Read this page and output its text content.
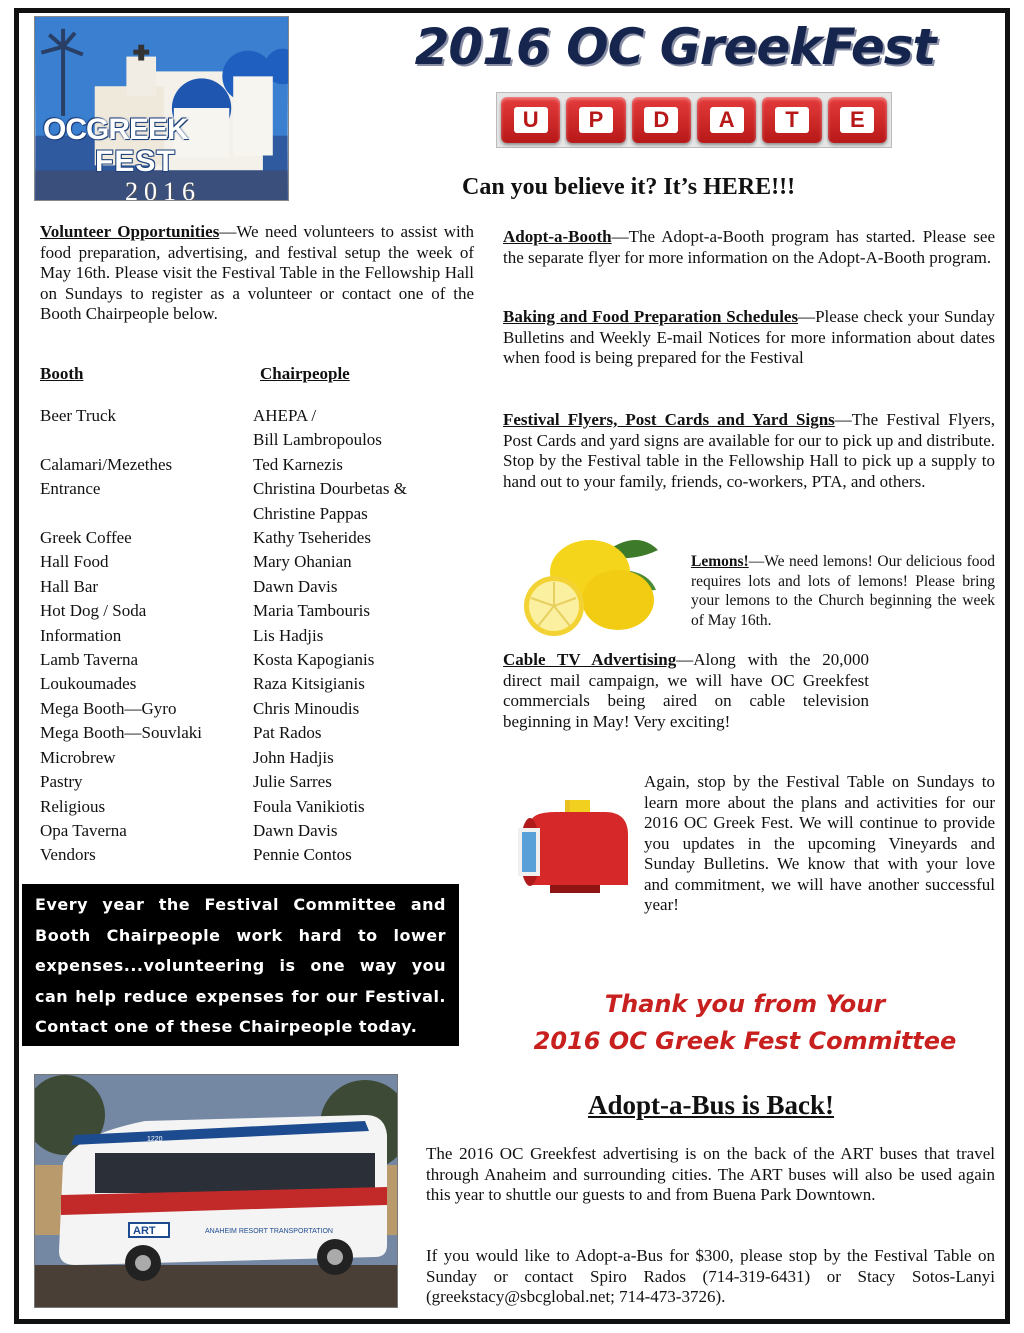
OCGREEK
FEST
2016
2016 OC GreekFest
U	P	D	A	T	E
Can you believe it? It’s HERE!!!
Volunteer Opportunities—We need volunteers to assist with food preparation, advertising, and festival setup the week of May 16th. Please visit the Festival Table in the Fellowship Hall on Sundays to register as a volunteer or contact one of the Booth Chairpeople below.
Booth	Chairpeople
Beer Truck	AHEPA /
Bill Lambropoulos
Calamari/Mezethes	Ted Karnezis
Entrance	Christina Dourbetas &
Christine Pappas
Greek Coffee	Kathy Tseherides
Hall Food	Mary Ohanian
Hall Bar	Dawn Davis
Hot Dog / Soda	Maria Tambouris
Information	Lis Hadjis
Lamb Taverna	Kosta Kapogianis
Loukoumades	Raza Kitsigianis
Mega Booth—Gyro	Chris Minoudis
Mega Booth—Souvlaki	Pat Rados
Microbrew	John Hadjis
Pastry	Julie Sarres
Religious	Foula Vanikiotis
Opa Taverna	Dawn Davis
Vendors	Pennie Contos
Every year the Festival Committee and Booth Chairpeople work hard to lower expenses...volunteering is one way you can help reduce expenses for our Festival. Contact one of these Chairpeople today.
Adopt-a-Booth—The Adopt-a-Booth program has started. Please see the separate flyer for more information on the Adopt-A-Booth program.
Baking and Food Preparation Schedules—Please check your Sunday Bulletins and Weekly E-mail Notices for more information about dates when food is being prepared for the Festival
Festival Flyers, Post Cards and Yard Signs—The Festival Flyers, Post Cards and yard signs are available for our to pick up and distribute. Stop by the Festival table in the Fellowship Hall to pick up a supply to hand out to your family, friends, co-workers, PTA, and others.
Lemons!—We need lemons! Our delicious food requires lots and lots of lemons! Please bring your lemons to the Church beginning the week of May 16th.
Cable TV Advertising—Along with the 20,000 direct mail campaign, we will have OC Greekfest commercials being aired on cable television beginning in May! Very exciting!
Again, stop by the Festival Table on Sundays to learn more about the plans and activities for our 2016 OC Greek Fest. We will continue to provide you updates in the upcoming Vineyards and Sunday Bulletins. We know that with your love and commitment, we will have another successful year!
Thank you from Your
2016 OC Greek Fest Committee
ART	ANAHEIM RESORT TRANSPORTATION
1220
Adopt-a-Bus is Back!
The 2016 OC Greekfest advertising is on the back of the ART buses that travel through Anaheim and surrounding cities. The ART buses will also be used again this year to shuttle our guests to and from Buena Park Downtown.
If you would like to Adopt-a-Bus for $300, please stop by the Festival Table on Sunday or contact Spiro Rados (714-319-6431) or Stacy Sotos-Lanyi (greekstacy@sbcglobal.net; 714-473-3726).
